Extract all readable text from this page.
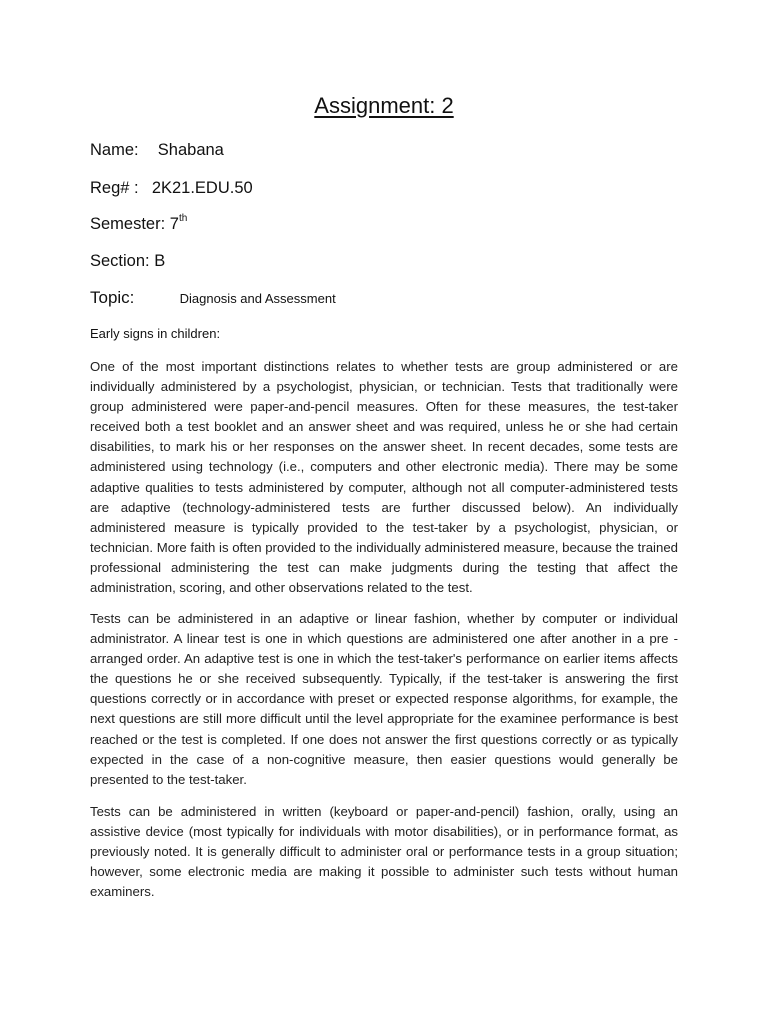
Assignment: 2
Name: Shabana
Reg# : 2K21.EDU.50
Semester: 7th
Section: B
Topic:	Diagnosis and Assessment
Early signs in children:

One of the most important distinctions relates to whether tests are group administered or are individually administered by a psychologist, physician, or technician. Tests that traditionally were group administered were paper-and-pencil measures. Often for these measures, the test-taker received both a test booklet and an answer sheet and was required, unless he or she had certain disabilities, to mark his or her responses on the answer sheet. In recent decades, some tests are administered using technology (i.e., computers and other electronic media). There may be some adaptive qualities to tests administered by computer, although not all computer-administered tests are adaptive (technology-administered tests are further discussed below). An individually administered measure is typically provided to the test-taker by a psychologist, physician, or technician. More faith is often provided to the individually administered measure, because the trained professional administering the test can make judgments during the testing that affect the administration, scoring, and other observations related to the test.

Tests can be administered in an adaptive or linear fashion, whether by computer or individual administrator. A linear test is one in which questions are administered one after another in a pre -arranged order. An adaptive test is one in which the test-taker's performance on earlier items affects the questions he or she received subsequently. Typically, if the test-taker is answering the first questions correctly or in accordance with preset or expected response algorithms, for example, the next questions are still more difficult until the level appropriate for the examinee performance is best reached or the test is completed. If one does not answer the first questions correctly or as typically expected in the case of a non-cognitive measure, then easier questions would generally be presented to the test-taker.

Tests can be administered in written (keyboard or paper-and-pencil) fashion, orally, using an assistive device (most typically for individuals with motor disabilities), or in performance format, as previously noted. It is generally difficult to administer oral or performance tests in a group situation; however, some electronic media are making it possible to administer such tests without human examiners.
